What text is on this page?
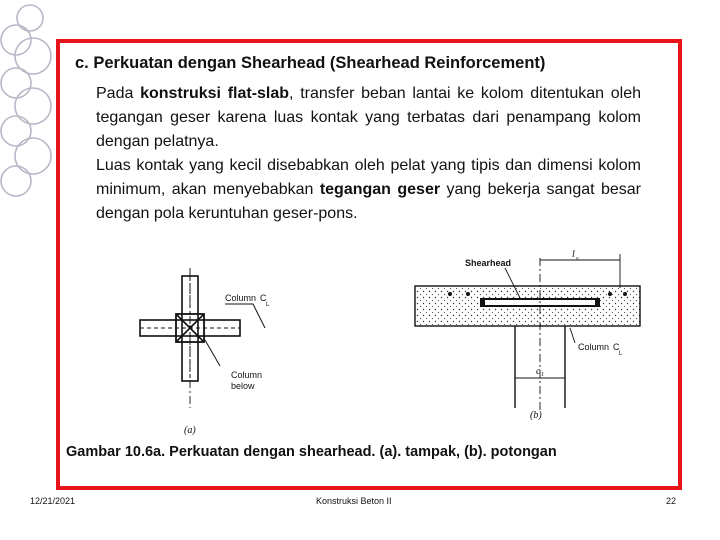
c. Perkuatan dengan Shearhead (Shearhead Reinforcement)

Pada konstruksi flat-slab, transfer beban lantai ke kolom ditentukan oleh tegangan geser karena luas kontak yang terbatas dari penampang kolom dengan pelatnya.

Luas kontak yang kecil disebabkan oleh pelat yang tipis dan dimensi kolom minimum, akan menyebabkan tegangan geser yang bekerja sangat besar dengan pola keruntuhan geser-pons.

Column C
L
Column
below
(a)
Shearhead
l v
Column C
L
c 1
(b)
Gambar 10.6a. Perkuatan dengan shearhead. (a). tampak, (b). potongan
12/21/2021	Konstruksi Beton II	22
